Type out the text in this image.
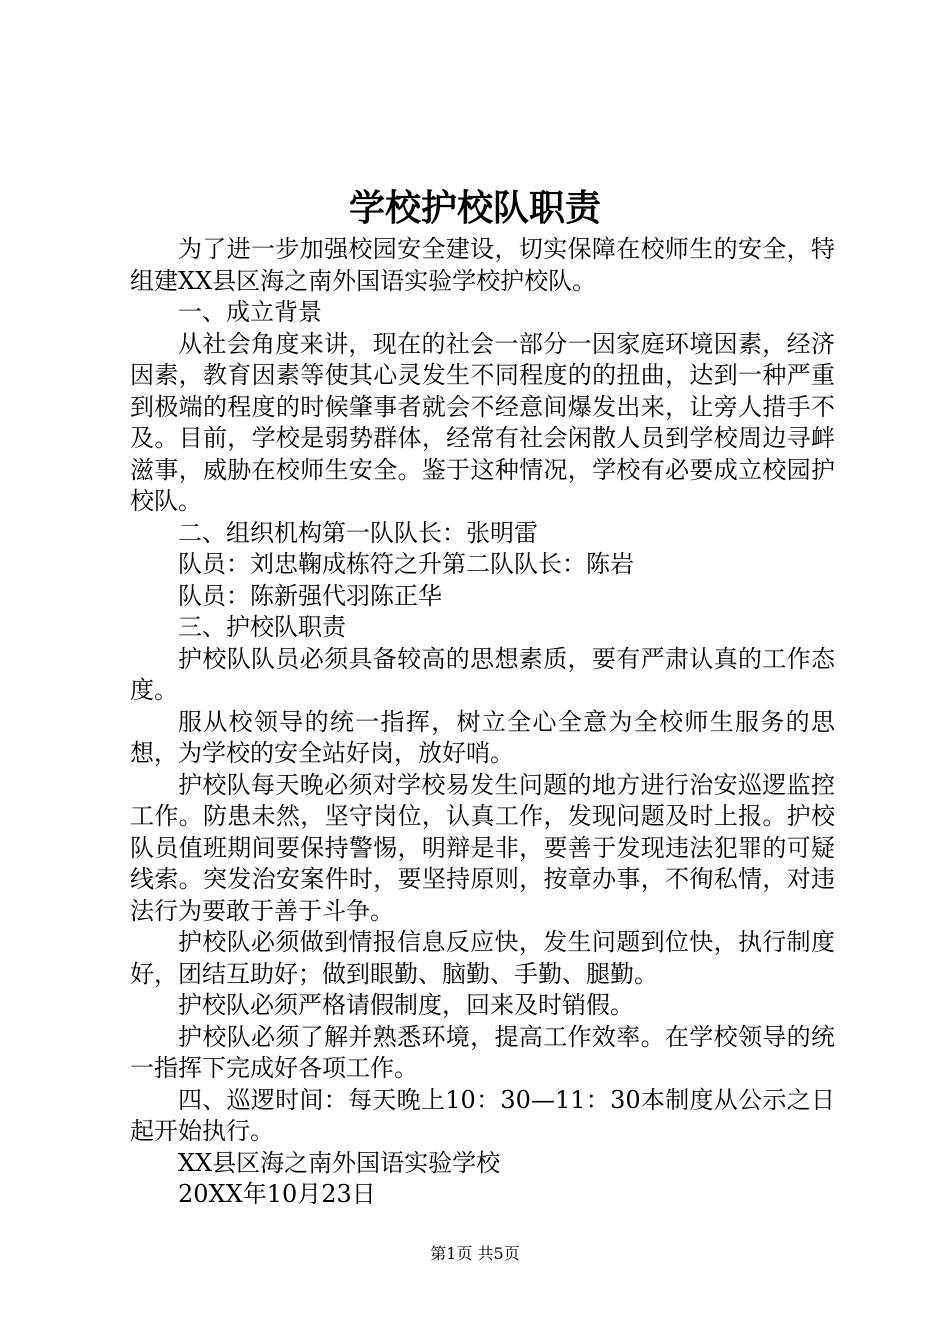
学校护校队职责

为了进一步加强校园安全建设，切实保障在校师生的安全，特组建XX县区海之南外国语实验学校护校队。

一、成立背景

从社会角度来讲，现在的社会一部分一因家庭环境因素，经济因素，教育因素等使其心灵发生不同程度的的扭曲，达到一种严重到极端的程度的时候肇事者就会不经意间爆发出来，让旁人措手不及。目前，学校是弱势群体，经常有社会闲散人员到学校周边寻衅滋事，威胁在校师生安全。鉴于这种情况，学校有必要成立校园护校队。

二、组织机构第一队队长：张明雷

队员：刘忠鞠成栋符之升第二队队长：陈岩

队员：陈新强代羽陈正华

三、护校队职责

护校队队员必须具备较高的思想素质，要有严肃认真的工作态度。

服从校领导的统一指挥，树立全心全意为全校师生服务的思想，为学校的安全站好岗，放好哨。

护校队每天晚必须对学校易发生问题的地方进行治安巡逻监控工作。防患未然，坚守岗位，认真工作，发现问题及时上报。护校队员值班期间要保持警惕，明辩是非，要善于发现违法犯罪的可疑线索。突发治安案件时，要坚持原则，按章办事，不徇私情，对违法行为要敢于善于斗争。

护校队必须做到情报信息反应快，发生问题到位快，执行制度好，团结互助好；做到眼勤、脑勤、手勤、腿勤。

护校队必须严格请假制度，回来及时销假。

护校队必须了解并熟悉环境，提高工作效率。在学校领导的统一指挥下完成好各项工作。

四、巡逻时间：每天晚上10：30—11：30本制度从公示之日起开始执行。

XX县区海之南外国语实验学校

20XX年10月23日

第1页 共5页
